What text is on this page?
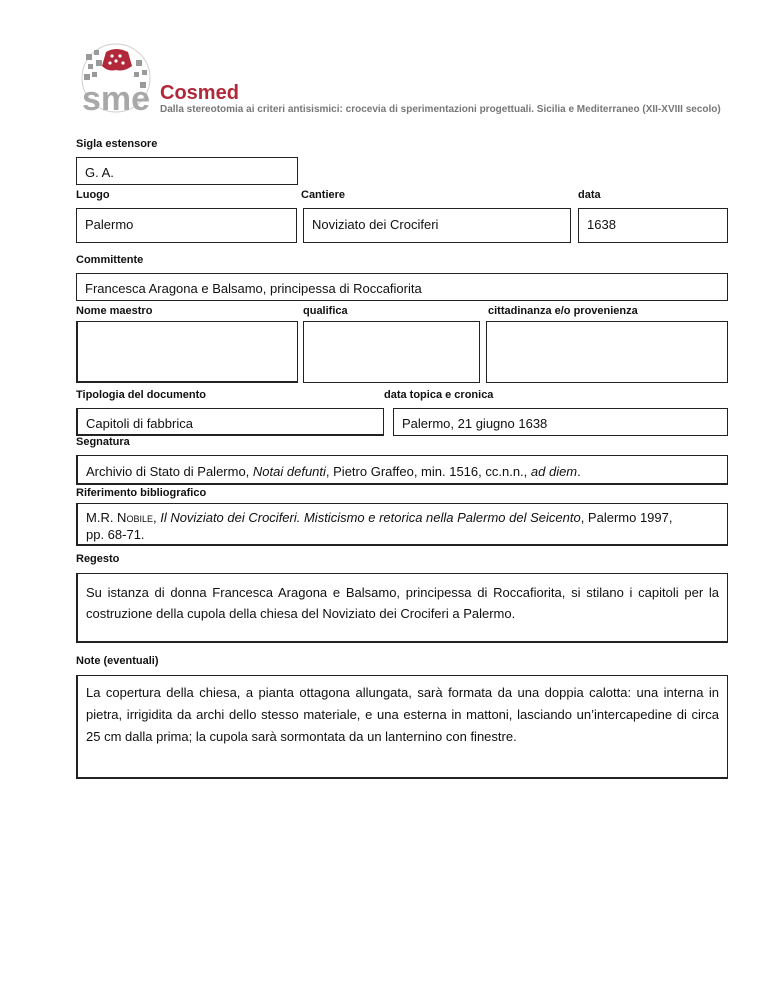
sme Cosmed
Dalla stereotomia ai criteri antisismici: crocevia di sperimentazioni progettuali. Sicilia e Mediterraneo (XII-XVIII secolo)
Sigla estensore
G. A.
Luogo	Cantiere	data
Palermo	Noviziato dei Crociferi	1638
Committente
Francesca Aragona e Balsamo, principessa di Roccafiorita
Nome maestro	qualifica	cittadinanza e/o provenienza
Tipologia del documento	data topica e cronica
Capitoli di fabbrica	Palermo, 21 giugno 1638
Segnatura
Archivio di Stato di Palermo, Notai defunti, Pietro Graffeo, min. 1516, cc.n.n., ad diem.
Riferimento bibliografico
M.R. Nobile, Il Noviziato dei Crociferi. Misticismo e retorica nella Palermo del Seicento, Palermo 1997,
pp. 68-71.
Regesto
Su istanza di donna Francesca Aragona e Balsamo, principessa di Roccafiorita, si stilano i capitoli per la costruzione della cupola della chiesa del Noviziato dei Crociferi a Palermo.
Note (eventuali)
La copertura della chiesa, a pianta ottagona allungata, sarà formata da una doppia calotta: una interna in pietra, irrigidita da archi dello stesso materiale, e una esterna in mattoni, lasciando un’intercapedine di circa 25 cm dalla prima; la cupola sarà sormontata da un lanternino con finestre.
